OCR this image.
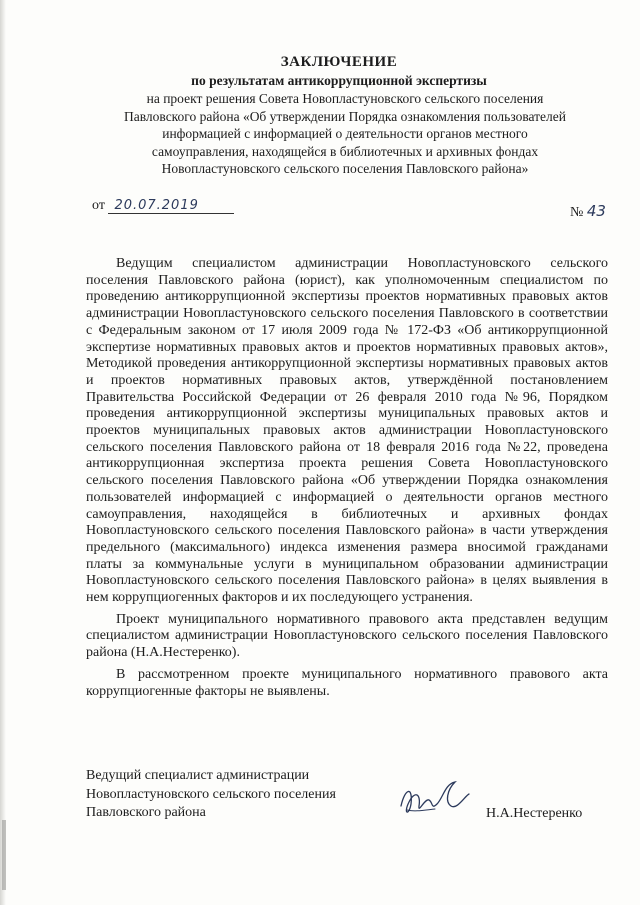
ЗАКЛЮЧЕНИЕ
по результатам антикоррупционной экспертизы
на проект решения Совета Новопластуновского сельского поселения
Павловского района «Об утверждении Порядка ознакомления пользователей
информацией с информацией о деятельности органов местного
самоуправления, находящейся в библиотечных и архивных фондах
Новопластуновского сельского поселения Павловского района»
от 20.07.2019	№ 43

Ведущим специалистом администрации Новопластуновского сельского поселения Павловского района (юрист), как уполномоченным специалистом по проведению антикоррупционной экспертизы проектов нормативных правовых актов администрации Новопластуновского сельского поселения Павловского в соответствии с Федеральным законом от 17 июля 2009 года № 172-ФЗ «Об антикоррупционной экспертизе нормативных правовых актов и проектов нормативных правовых актов», Методикой проведения антикоррупционной экспертизы нормативных правовых актов и проектов нормативных правовых актов, утверждённой постановлением Правительства Российской Федерации от 26 февраля 2010 года №96, Порядком проведения антикоррупционной экспертизы муниципальных правовых актов и проектов муниципальных правовых актов администрации Новопластуновского сельского поселения Павловского района от 18 февраля 2016 года №22, проведена антикоррупционная экспертиза проекта решения Совета Новопластуновского сельского поселения Павловского района «Об утверждении Порядка ознакомления пользователей информацией с информацией о деятельности органов местного самоуправления, находящейся в библиотечных и архивных фондах Новопластуновского сельского поселения Павловского района» в части утверждения предельного (максимального) индекса изменения размера вносимой гражданами платы за коммунальные услуги в муниципальном образовании администрации Новопластуновского сельского поселения Павловского района» в целях выявления в нем коррупциогенных факторов и их последующего устранения.

Проект муниципального нормативного правового акта представлен ведущим специалистом администрации Новопластуновского сельского поселения Павловского района (Н.А.Нестеренко).

В рассмотренном проекте муниципального нормативного правового акта коррупциогенные факторы не выявлены.

Ведущий специалист администрации
Новопластуновского сельского поселения
Павловского района	Н.А.Нестеренко
